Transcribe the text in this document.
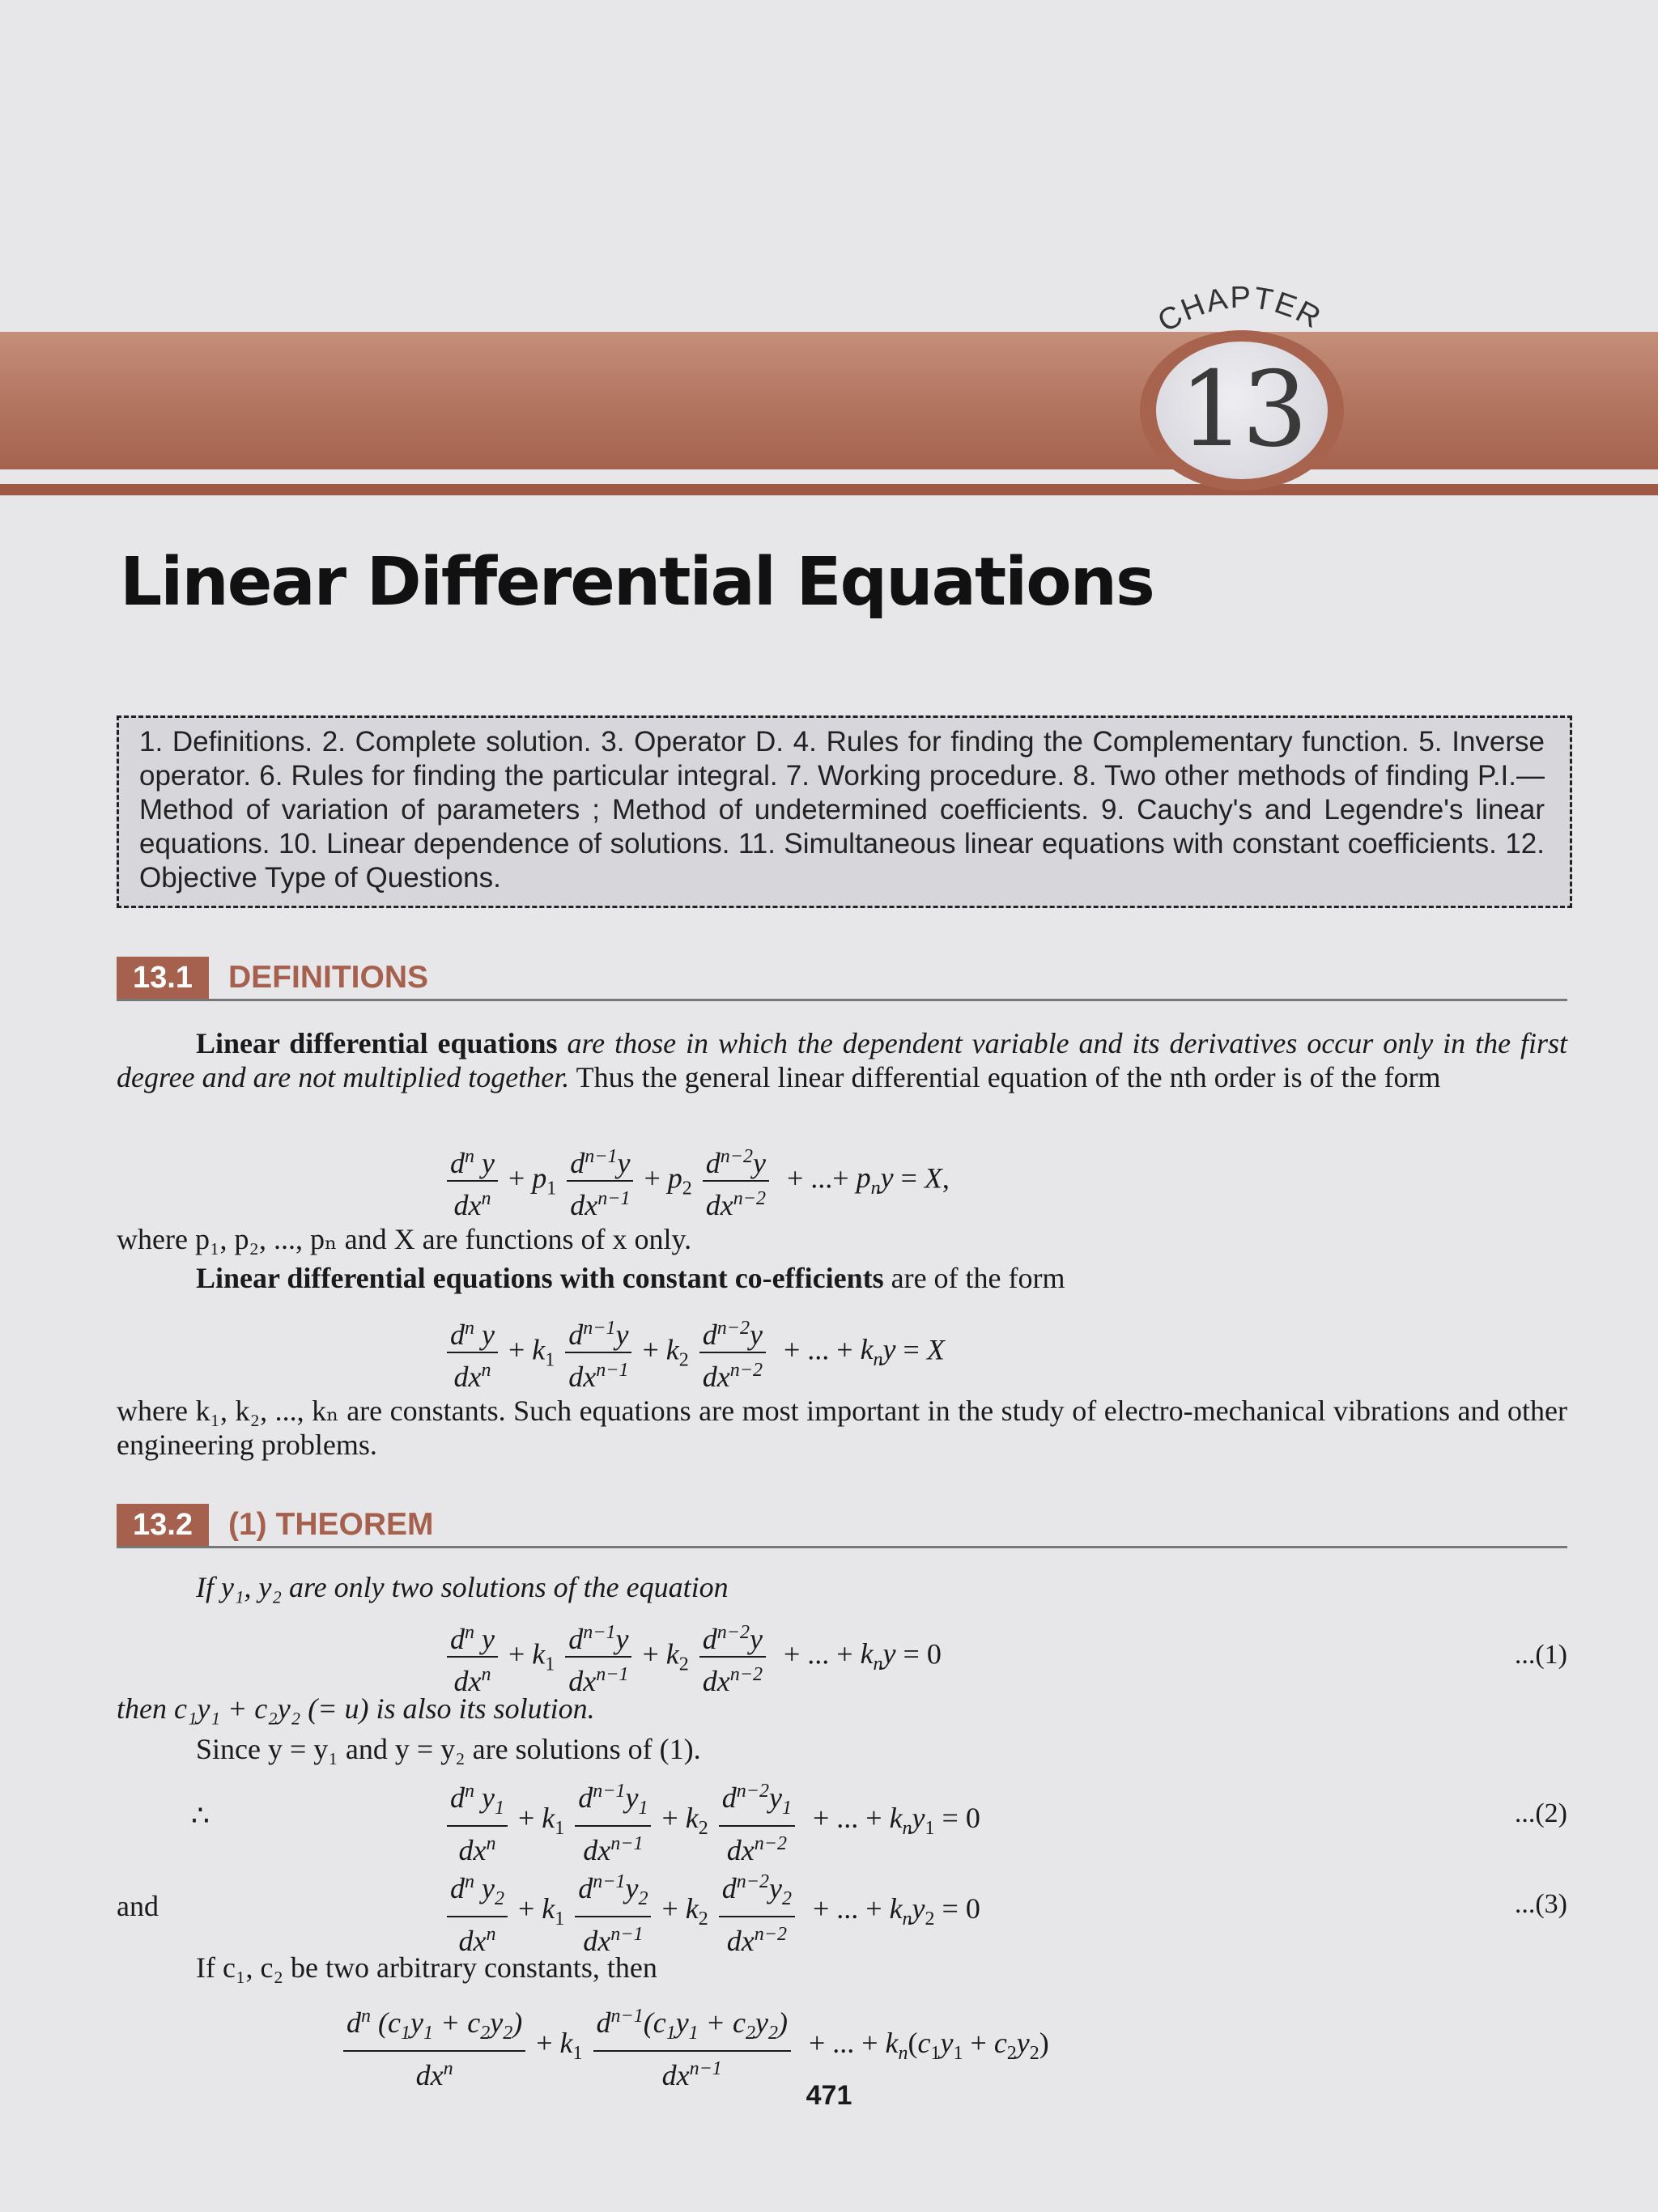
CHAPTER
13
Linear Differential Equations
1. Definitions. 2. Complete solution. 3. Operator D. 4. Rules for finding the Complementary function. 5. Inverse operator. 6. Rules for finding the particular integral. 7. Working procedure. 8. Two other methods of finding P.I.— Method of variation of parameters ; Method of undetermined coefficients. 9. Cauchy's and Legendre's linear equations. 10. Linear dependence of solutions. 11. Simultaneous linear equations with constant coefficients. 12. Objective Type of Questions.
13.1	DEFINITIONS
Linear differential equations are those in which the dependent variable and its derivatives occur only in the first degree and are not multiplied together. Thus the general linear differential equation of the nth order is of the form
$d^n$ y
$dx^n$
+ $p_1$
$d^{n-1}y$
$dx^{n-1}$
+ $p_2$
$d^{n-2}y$
$dx^{n-2}$
+ ...+ $p_ny = X$,
where p₁, p₂, ..., pₙ and X are functions of x only.
Linear differential equations with constant co-efficients are of the form
$d^n$ y
$dx^n$
+ $k_1$
$d^{n-1}y$
$dx^{n-1}$
+ $k_2$
$d^{n-2}y$
$dx^{n-2}$
+ ... + $k_ny = X$
where k₁, k₂, ..., kₙ are constants. Such equations are most important in the study of electro-mechanical vibrations and other engineering problems.
13.2	(1) THEOREM
If y₁, y₂ are only two solutions of the equation
$d^n$ y
$dx^n$
+ $k_1$
$d^{n-1}y$
$dx^{n-1}$
+ $k_2$
$d^{n-2}y$
$dx^{n-2}$
+ ... + $k_ny = 0$	...(1)
then c₁y₁ + c₂y₂ (= u) is also its solution.
Since y = y₁ and y = y₂ are solutions of (1).
∴
$d^n$ $y_1$
$dx^n$
+ $k_1$
$d^{n-1}y_1$
$dx^{n-1}$
+ $k_2$
$d^{n-2}y_1$
$dx^{n-2}$
+ ... + $k_ny_1 = 0$	...(2)
and
$d^n$ $y_2$
$dx^n$
+ $k_1$
$d^{n-1}y_2$
$dx^{n-1}$
+ $k_2$
$d^{n-2}y_2$
$dx^{n-2}$
+ ... + $k_ny_2 = 0$	...(3)
If c₁, c₂ be two arbitrary constants, then
$d^n$ $(c_1y_1 + c_2y_2)$
$dx^n$
+ $k_1$
$d^{n-1}(c_1y_1 + c_2y_2)$
$dx^{n-1}$
+ ... + $k_n(c_1y_1 + c_2y_2)$
471
